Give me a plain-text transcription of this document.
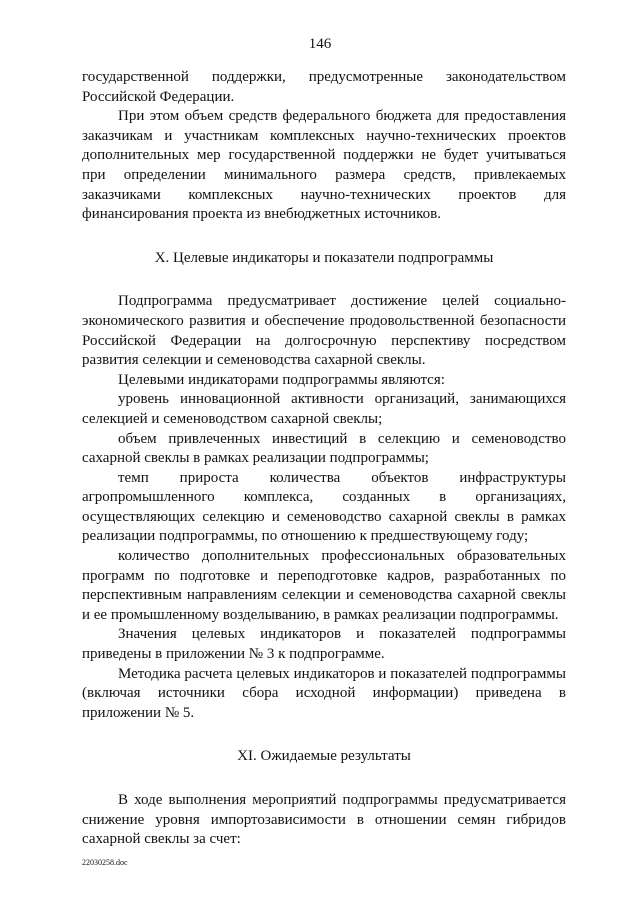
146

государственной поддержки, предусмотренные законодательством Российской Федерации.

При этом объем средств федерального бюджета для предоставления заказчикам и участникам комплексных научно-технических проектов дополнительных мер государственной поддержки не будет учитываться при определении минимального размера средств, привлекаемых заказчиками комплексных научно-технических проектов для финансирования проекта из внебюджетных источников.

X. Целевые индикаторы и показатели подпрограммы

Подпрограмма предусматривает достижение целей социально-экономического развития и обеспечение продовольственной безопасности Российской Федерации на долгосрочную перспективу посредством развития селекции и семеноводства сахарной свеклы.

Целевыми индикаторами подпрограммы являются:

уровень инновационной активности организаций, занимающихся селекцией и семеноводством сахарной свеклы;

объем привлеченных инвестиций в селекцию и семеноводство сахарной свеклы в рамках реализации подпрограммы;

темп прироста количества объектов инфраструктуры агропромышленного комплекса, созданных в организациях, осуществляющих селекцию и семеноводство сахарной свеклы в рамках реализации подпрограммы, по отношению к предшествующему году;

количество дополнительных профессиональных образовательных программ по подготовке и переподготовке кадров, разработанных по перспективным направлениям селекции и семеноводства сахарной свеклы и ее промышленному возделыванию, в рамках реализации подпрограммы.

Значения целевых индикаторов и показателей подпрограммы приведены в приложении № 3 к подпрограмме.

Методика расчета целевых индикаторов и показателей подпрограммы (включая источники сбора исходной информации) приведена в приложении № 5.

XI. Ожидаемые результаты

В ходе выполнения мероприятий подпрограммы предусматривается снижение уровня импортозависимости в отношении семян гибридов сахарной свеклы за счет:

22030258.doc
